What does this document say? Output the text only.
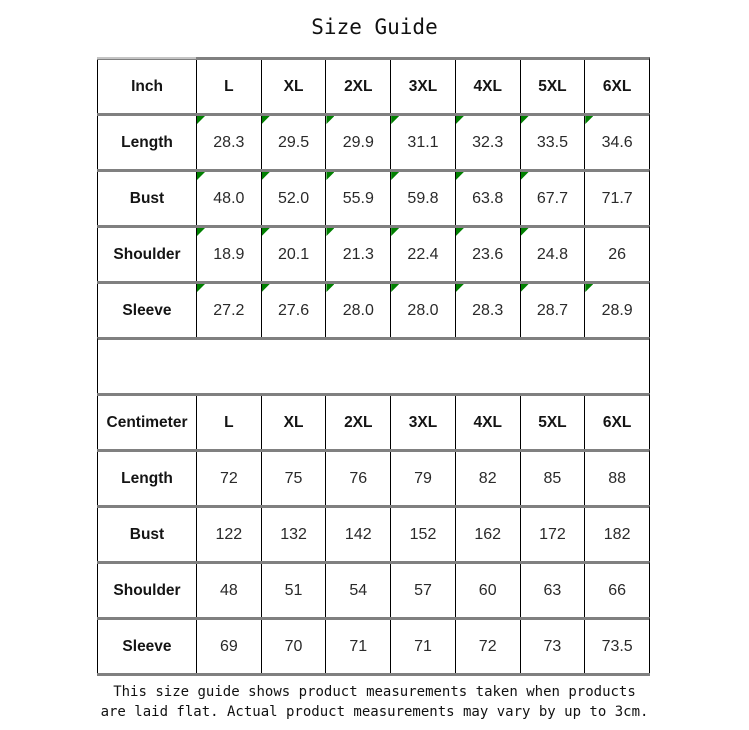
Size Guide
Inch	L	XL	2XL 3XL 4XL 5XL 6XL
Length	28.3 29.5 29.9 31.1 32.3 33.5 34.6
Bust	48.0 52.0 55.9 59.8 63.8 67.7 71.7
Shoulder 18.9 20.1 21.3 22.4 23.6 24.8	26
Sleeve	27.2 27.6 28.0 28.0 28.3 28.7 28.9
Centimeter L	XL	2XL 3XL 4XL 5XL 6XL
Length	72	75	76	79	82	85	88
Bust	122 132 142 152 162 172 182
Shoulder 48	51	54	57	60	63	66
Sleeve	69	70	71	71	72	73	73.5
This size guide shows product measurements taken when products
are laid flat. Actual product measurements may vary by up to 3cm.
